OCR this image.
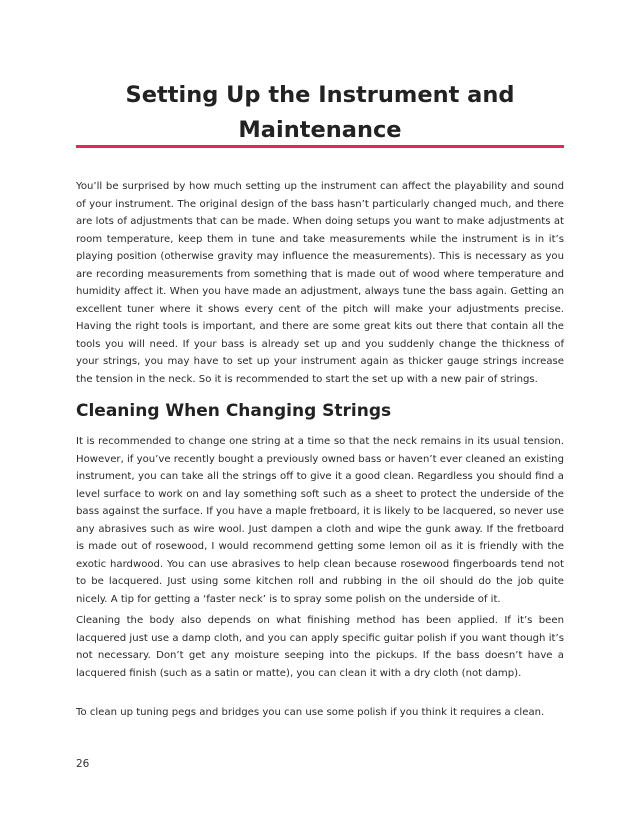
Setting Up the Instrument and Maintenance

You’ll be surprised by how much setting up the instrument can affect the playability and sound of your instrument. The original design of the bass hasn’t particularly changed much, and there are lots of adjustments that can be made. When doing setups you want to make adjustments at room temperature, keep them in tune and take measurements while the instrument is in it’s playing position (otherwise gravity may influence the measurements). This is necessary as you are recording measurements from something that is made out of wood where temperature and humidity affect it. When you have made an adjustment, always tune the bass again. Getting an excellent tuner where it shows every cent of the pitch will make your adjustments precise. Having the right tools is important, and there are some great kits out there that contain all the tools you will need. If your bass is already set up and you suddenly change the thickness of your strings, you may have to set up your instrument again as thicker gauge strings increase the tension in the neck. So it is recommended to start the set up with a new pair of strings.

Cleaning When Changing Strings

It is recommended to change one string at a time so that the neck remains in its usual tension. However, if you’ve recently bought a previously owned bass or haven’t ever cleaned an existing instrument, you can take all the strings off to give it a good clean. Regardless you should find a level surface to work on and lay something soft such as a sheet to protect the underside of the bass against the surface. If you have a maple fretboard, it is likely to be lacquered, so never use any abrasives such as wire wool. Just dampen a cloth and wipe the gunk away. If the fretboard is made out of rosewood, I would recommend getting some lemon oil as it is friendly with the exotic hardwood. You can use abrasives to help clean because rosewood fingerboards tend not to be lacquered. Just using some kitchen roll and rubbing in the oil should do the job quite nicely. A tip for getting a ‘faster neck’ is to spray some polish on the underside of it.

Cleaning the body also depends on what finishing method has been applied. If it’s been lacquered just use a damp cloth, and you can apply specific guitar polish if you want though it’s not necessary. Don’t get any moisture seeping into the pickups. If the bass doesn’t have a lacquered finish (such as a satin or matte), you can clean it with a dry cloth (not damp).

To clean up tuning pegs and bridges you can use some polish if you think it requires a clean.

26
